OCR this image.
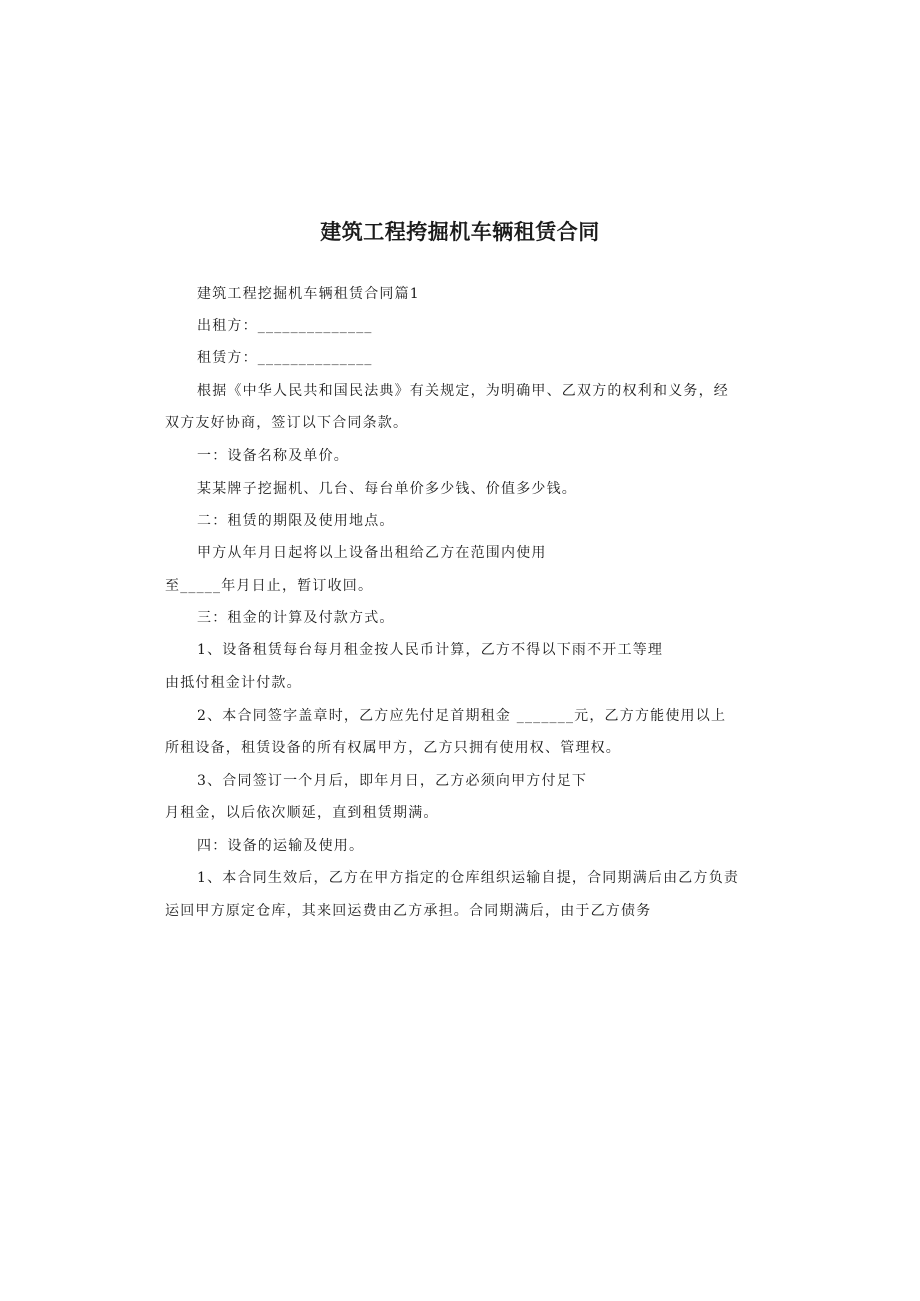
建筑工程挎掘机车辆租赁合同
建筑工程挖掘机车辆租赁合同篇1
出租方：______________
租赁方：______________
根据《中华人民共和国民法典》有关规定，为明确甲、乙双方的权利和义务，经
双方友好协商，签订以下合同条款。
一：设备名称及单价。
某某牌子挖掘机、几台、每台单价多少钱、价值多少钱。
二：租赁的期限及使用地点。
甲方从年月日起将以上设备出租给乙方在范围内使用
至_____年月日止，暂订收回。
三：租金的计算及付款方式。
1、设备租赁每台每月租金按人民币计算，乙方不得以下雨不开工等理
由抵付租金计付款。
2、本合同签字盖章时，乙方应先付足首期租金 _______元，乙方方能使用以上
所租设备，租赁设备的所有权属甲方，乙方只拥有使用权、管理权。
3、合同签订一个月后，即年月日，乙方必须向甲方付足下
月租金，以后依次顺延，直到租赁期满。
四：设备的运输及使用。
1、本合同生效后，乙方在甲方指定的仓库组织运输自提，合同期满后由乙方负责
运回甲方原定仓库，其来回运费由乙方承担。合同期满后，由于乙方债务
